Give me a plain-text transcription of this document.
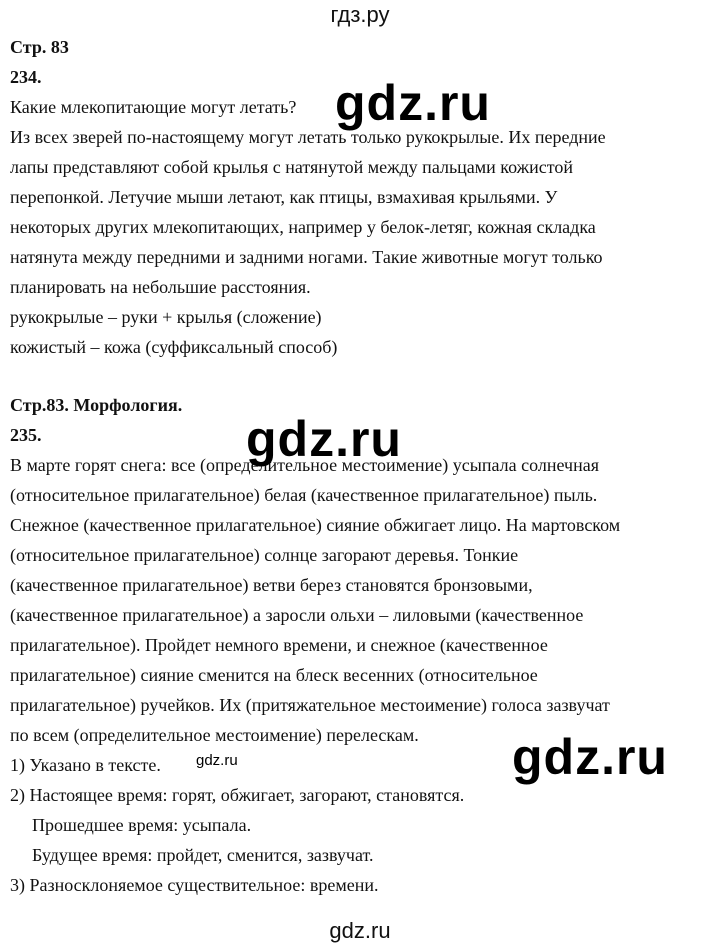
гдз.ру
Стр. 83
234.
Какие млекопитающие могут летать?
Из всех зверей по-настоящему могут летать только рукокрылые. Их передние
лапы представляют собой крылья с натянутой между пальцами кожистой
перепонкой. Летучие мыши летают, как птицы, взмахивая крыльями. У
некоторых других млекопитающих, например у белок-летяг, кожная складка
натянута между передними и задними ногами. Такие животные могут только
планировать на небольшие расстояния.
рукокрылые – руки + крылья (сложение)
кожистый – кожа (суффиксальный способ)
Стр.83. Морфология.
235.
В марте горят снега: все (определительное местоимение) усыпала солнечная
(относительное прилагательное) белая (качественное прилагательное) пыль.
Снежное (качественное прилагательное) сияние обжигает лицо. На мартовском
(относительное прилагательное) солнце загорают деревья. Тонкие
(качественное прилагательное) ветви берез становятся бронзовыми,
(качественное прилагательное) а заросли ольхи – лиловыми (качественное
прилагательное). Пройдет немного времени, и снежное (качественное
прилагательное) сияние сменится на блеск весенних (относительное
прилагательное) ручейков. Их (притяжательное местоимение) голоса зазвучат
по всем (определительное местоимение) перелескам.
1) Указано в тексте.
2) Настоящее время: горят, обжигает, загорают, становятся.
Прошедшее время: усыпала.
Будущее время: пройдет, сменится, зазвучат.
3) Разносклоняемое существительное: времени.
gdz.ru
gdz.ru
gdz.ru
gdz.ru
gdz.ru
